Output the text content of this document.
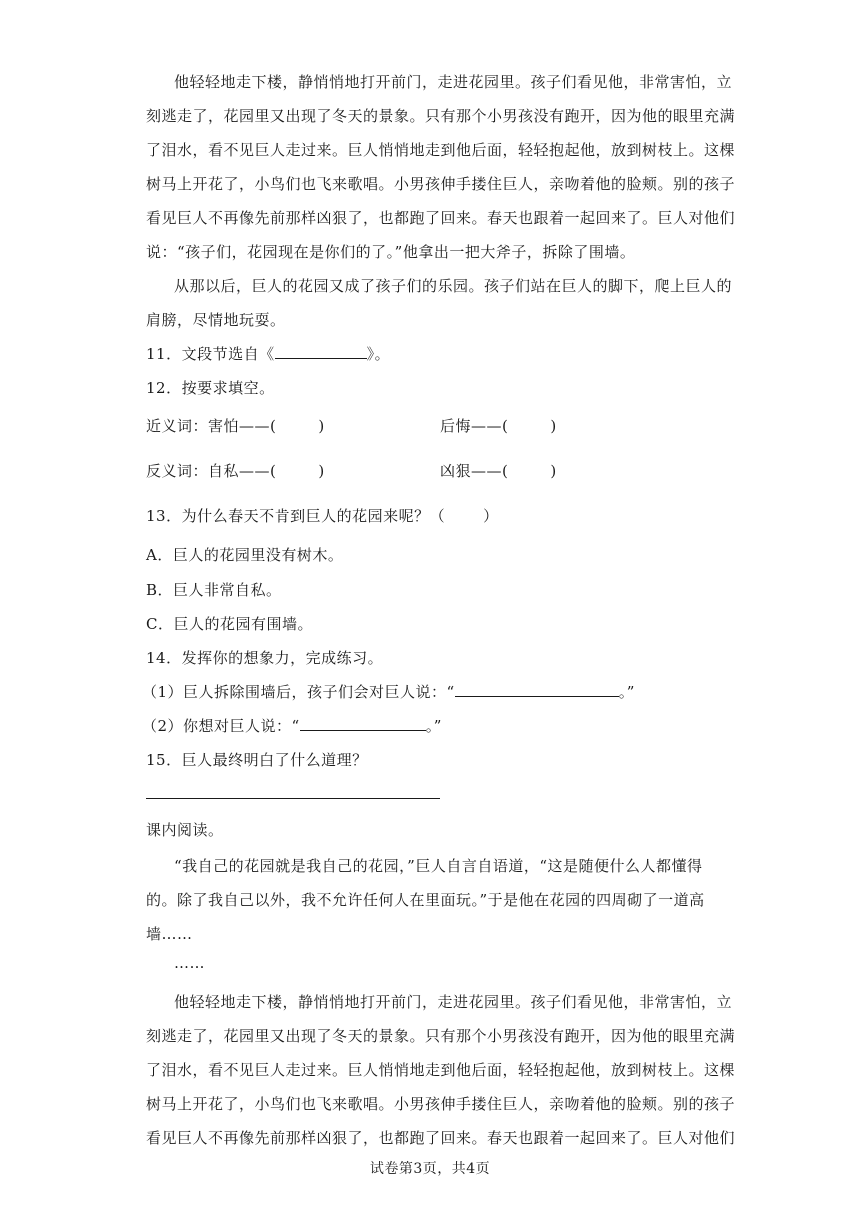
他轻轻地走下楼，静悄悄地打开前门，走进花园里。孩子们看见他，非常害怕，立
刻逃走了，花园里又出现了冬天的景象。只有那个小男孩没有跑开，因为他的眼里充满
了泪水，看不见巨人走过来。巨人悄悄地走到他后面，轻轻抱起他，放到树枝上。这棵
树马上开花了，小鸟们也飞来歌唱。小男孩伸手搂住巨人，亲吻着他的脸颊。别的孩子
看见巨人不再像先前那样凶狠了，也都跑了回来。春天也跟着一起回来了。巨人对他们
说：“孩子们，花园现在是你们的了。”他拿出一把大斧子，拆除了围墙。
从那以后，巨人的花园又成了孩子们的乐园。孩子们站在巨人的脚下，爬上巨人的
肩膀，尽情地玩耍。
11．文段节选自《	》。
12．按要求填空。
近义词：害怕——(	)	后悔——(	)
反义词：自私——(	)	凶狠——(	)
13．为什么春天不肯到巨人的花园来呢？（	）
A．巨人的花园里没有树木。
B．巨人非常自私。
C．巨人的花园有围墙。
14．发挥你的想象力，完成练习。
（1）巨人拆除围墙后，孩子们会对巨人说：“	。”
（2）你想对巨人说：“	。”
15．巨人最终明白了什么道理？
课内阅读。
“我自己的花园就是我自己的花园，”巨人自言自语道，“这是随便什么人都懂得
的。除了我自己以外，我不允许任何人在里面玩。”于是他在花园的四周砌了一道高
墙……
……
他轻轻地走下楼，静悄悄地打开前门，走进花园里。孩子们看见他，非常害怕，立
刻逃走了，花园里又出现了冬天的景象。只有那个小男孩没有跑开，因为他的眼里充满
了泪水，看不见巨人走过来。巨人悄悄地走到他后面，轻轻抱起他，放到树枝上。这棵
树马上开花了，小鸟们也飞来歌唱。小男孩伸手搂住巨人，亲吻着他的脸颊。别的孩子
看见巨人不再像先前那样凶狠了，也都跑了回来。春天也跟着一起回来了。巨人对他们
试卷第3页，共4页
